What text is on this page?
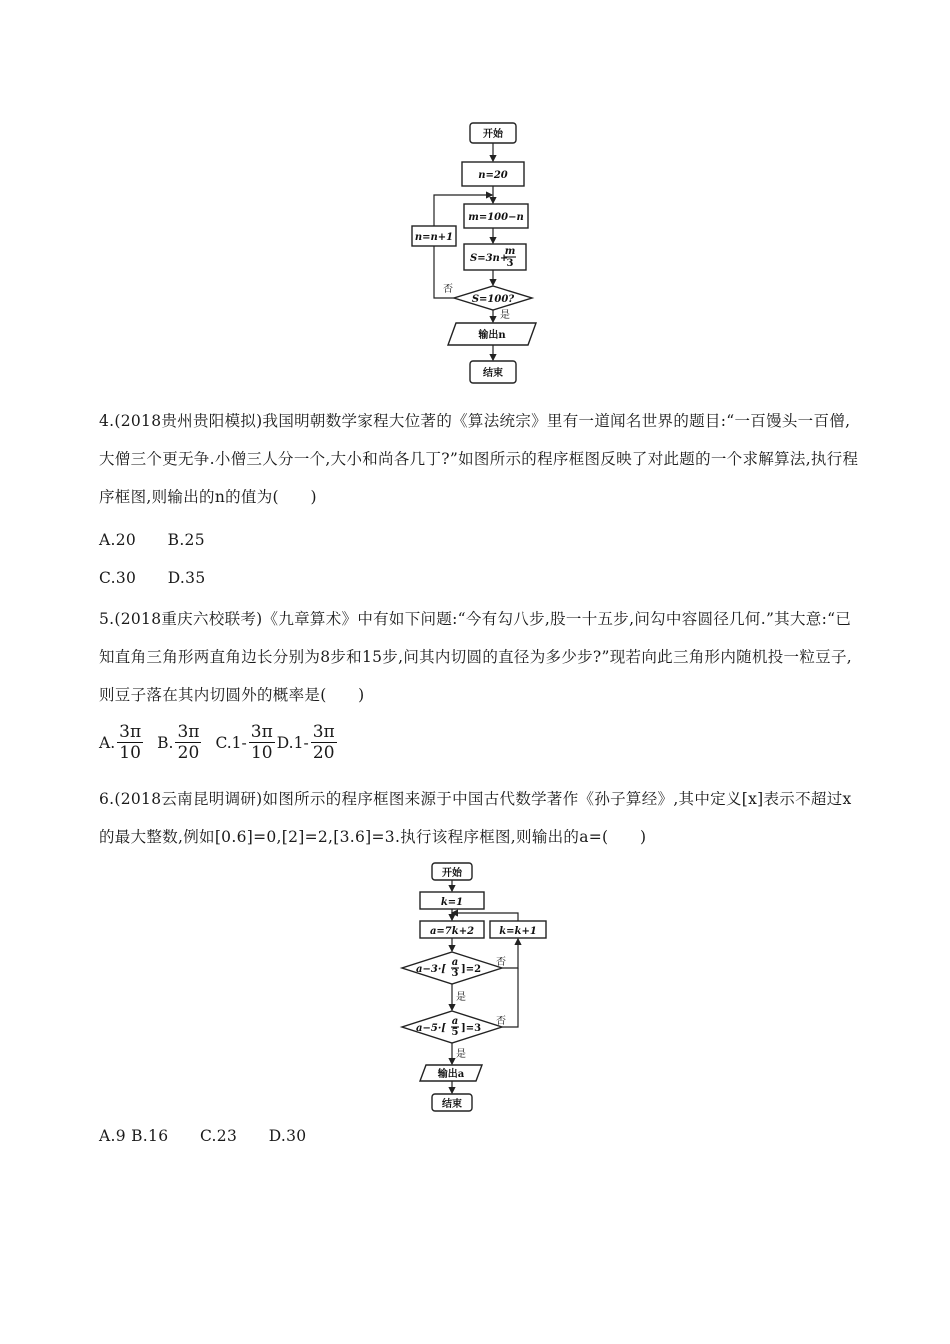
开始
n=20
m=100−n
S=3n+
m
3
S=100?
否
n=n+1
是
输出n
结束
4.(2018贵州贵阳模拟)我国明朝数学家程大位著的《算法统宗》里有一道闻名世界的题目:“一百馒头一百僧,大僧三个更无争.小僧三人分一个,大小和尚各几丁?”如图所示的程序框图反映了对此题的一个求解算法,执行程序框图,则输出的n的值为(　　)
A.20　　B.25
C.30　　D.35
5.(2018重庆六校联考)《九章算术》中有如下问题:“今有勾八步,股一十五步,问勾中容圆径几何.”其大意:“已知直角三角形两直角边长分别为8步和15步,问其内切圆的直径为多少步?”现若向此三角形内随机投一粒豆子,则豆子落在其内切圆外的概率是(　　)
A. $\frac{3\pi}{10} B$. $\frac{3\pi}{20} C.1- \frac{3\pi}{10} D.1- \frac{3\pi}{20}$
6.(2018云南昆明调研)如图所示的程序框图来源于中国古代数学著作《孙子算经》,其中定义[x]表示不超过x的最大整数,例如[0.6]=0,[2]=2,[3.6]=3.执行该程序框图,则输出的a=(　　)
开始
k=1
a=7k+2	k=k+1
a−3·[
a
3 ]=2
否
是
a−5·[
a
5 ]=3
否
是
输出a
结束
A.9 B.16　　C.23　　D.30
